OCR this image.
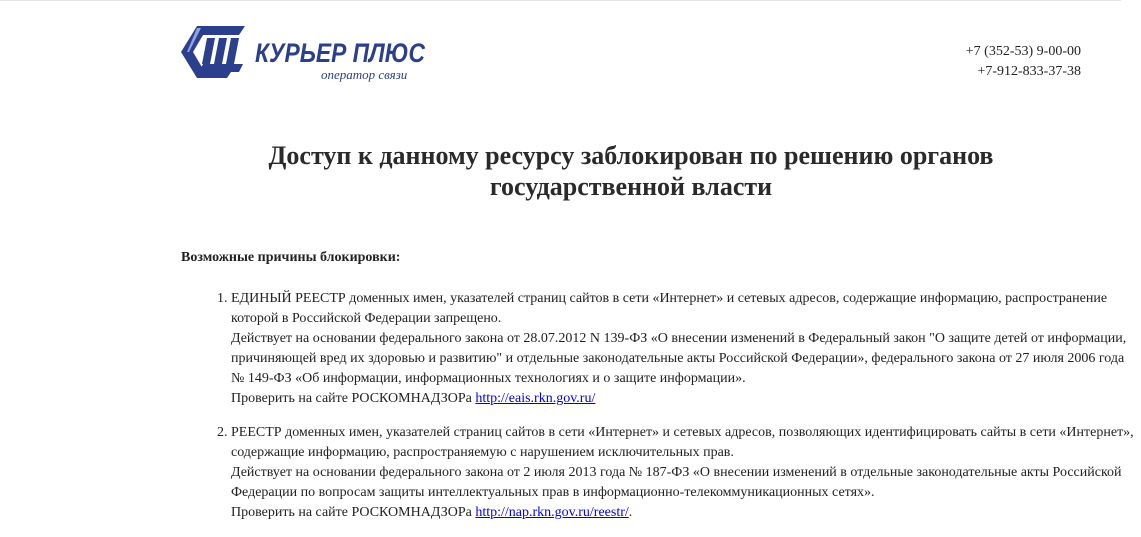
КУРЬЕР ПЛЮС
оператор связи
+7 (352-53) 9-00-00
+7-912-833-37-38
Доступ к данному ресурсу заблокирован по решению органов государственной власти

Возможные причины блокировки:

1. ЕДИНЫЙ РЕЕСТР доменных имен, указателей страниц сайтов в сети «Интернет» и сетевых адресов, содержащие информацию, распространение которой в Российской Федерации запрещено.
Действует на основании федерального закона от 28.07.2012 N 139-ФЗ «О внесении изменений в Федеральный закон "О защите детей от информации, причиняющей вред их здоровью и развитию" и отдельные законодательные акты Российской Федерации», федерального закона от 27 июля 2006 года № 149-ФЗ «Об информации, информационных технологиях и о защите информации».
Проверить на сайте РОСКОМНАДЗОРа http://eais.rkn.gov.ru/
2. РЕЕСТР доменных имен, указателей страниц сайтов в сети «Интернет» и сетевых адресов, позволяющих идентифицировать сайты в сети «Интернет», содержащие информацию, распространяемую с нарушением исключительных прав.
Действует на основании федерального закона от 2 июля 2013 года № 187-ФЗ «О внесении изменений в отдельные законодательные акты Российской Федерации по вопросам защиты интеллектуальных прав в информационно-телекоммуникационных сетях».
Проверить на сайте РОСКОМНАДЗОРа http://nap.rkn.gov.ru/reestr/.
